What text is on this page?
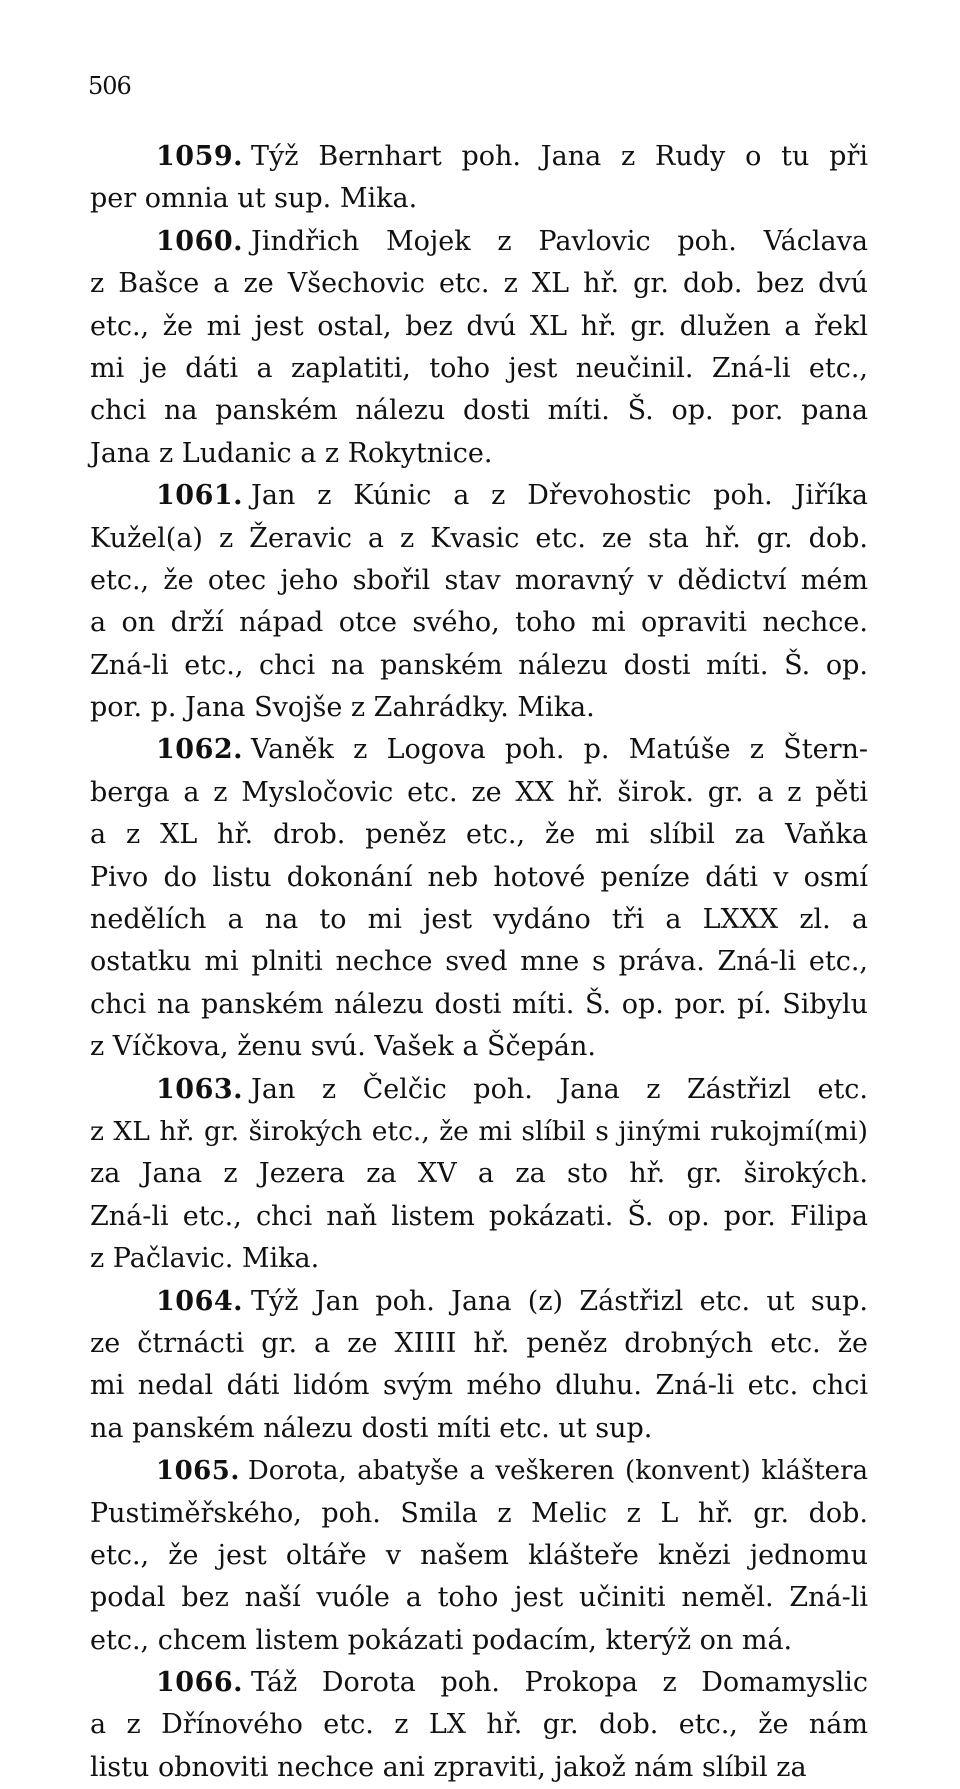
506
1059. Týž Bernhart poh. Jana z Rudy o tu při
per omnia ut sup. Mika.
1060. Jindřich Mojek z Pavlovic poh. Václava
z Bašce a ze Všechovic etc. z XL hř. gr. dob. bez dvú
etc., že mi jest ostal, bez dvú XL hř. gr. dlužen a řekl
mi je dáti a zaplatiti, toho jest neučinil. Zná-li etc.,
chci na panském nálezu dosti míti. Š. op. por. pana
Jana z Ludanic a z Rokytnice.
1061. Jan z Kúnic a z Dřevohostic poh. Jiříka
Kužel(a) z Žeravic a z Kvasic etc. ze sta hř. gr. dob.
etc., že otec jeho sbořil stav moravný v dědictví mém
a on drží nápad otce svého, toho mi opraviti nechce.
Zná-li etc., chci na panském nálezu dosti míti. Š. op.
por. p. Jana Svojše z Zahrádky. Mika.
1062. Vaněk z Logova poh. p. Matúše z Štern-
berga a z Mysločovic etc. ze XX hř. širok. gr. a z pěti
a z XL hř. drob. peněz etc., že mi slíbil za Vaňka
Pivo do listu dokonání neb hotové peníze dáti v osmí
nedělích a na to mi jest vydáno tři a LXXX zl. a
ostatku mi plniti nechce sved mne s práva. Zná-li etc.,
chci na panském nálezu dosti míti. Š. op. por. pí. Sibylu
z Víčkova, ženu svú. Vašek a Ščepán.
1063. Jan z Čelčic poh. Jana z Zástřizl etc.
z XL hř. gr. širokých etc., že mi slíbil s jinými rukojmí(mi)
za Jana z Jezera za XV a za sto hř. gr. širokých.
Zná-li etc., chci naň listem pokázati. Š. op. por. Filipa
z Pačlavic. Mika.
1064. Týž Jan poh. Jana (z) Zástřizl etc. ut sup.
ze čtrnácti gr. a ze XIIII hř. peněz drobných etc. že
mi nedal dáti lidóm svým mého dluhu. Zná-li etc. chci
na panském nálezu dosti míti etc. ut sup.
1065. Dorota, abatyše a veškeren (konvent) kláštera
Pustiměřského, poh. Smila z Melic z L hř. gr. dob.
etc., že jest oltáře v našem klášteře knězi jednomu
podal bez naší vuóle a toho jest učiniti neměl. Zná-li
etc., chcem listem pokázati podacím, kterýž on má.
1066. Táž Dorota poh. Prokopa z Domamyslic
a z Dřínového etc. z LX hř. gr. dob. etc., že nám
listu obnoviti nechce ani zpraviti, jakož nám slíbil za
